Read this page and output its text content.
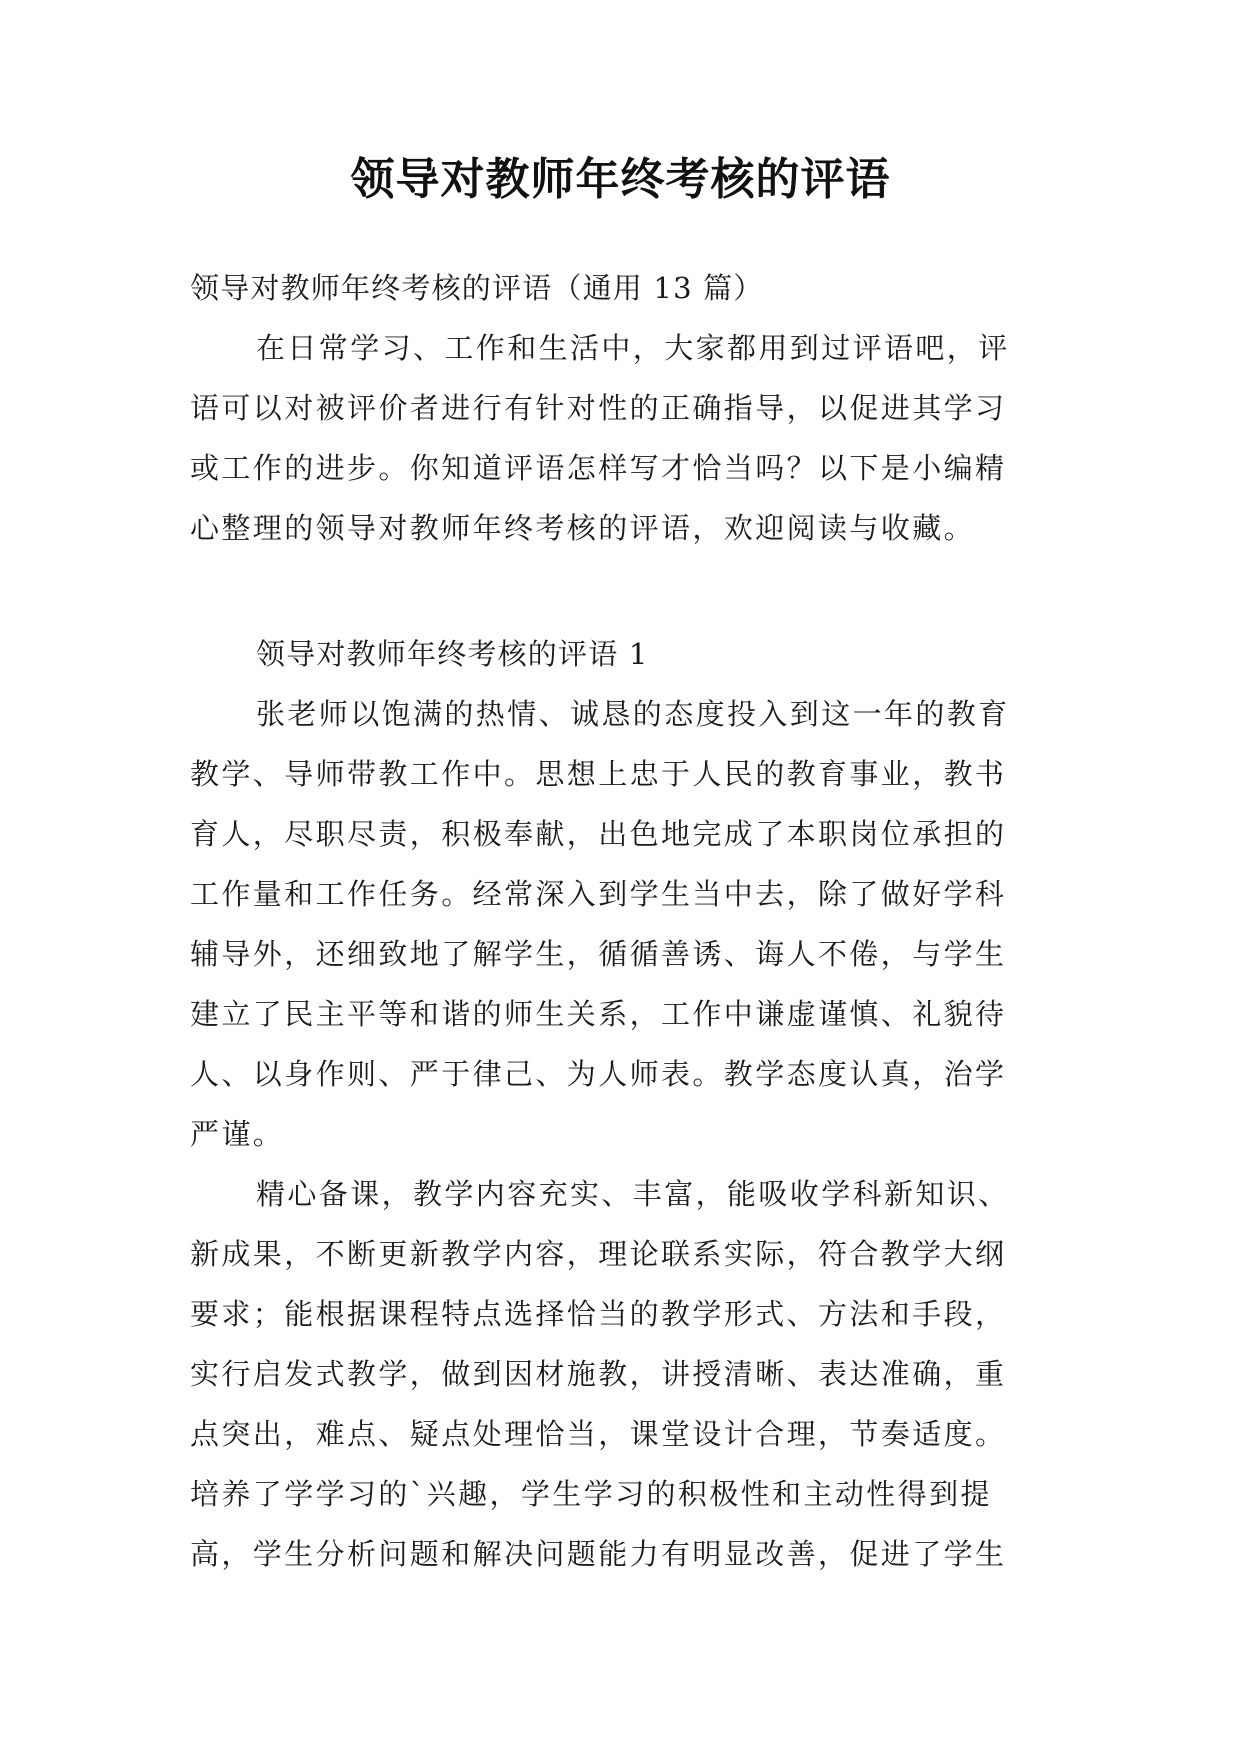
领导对教师年终考核的评语

领导对教师年终考核的评语（通用 13 篇）

在日常学习、工作和生活中，大家都用到过评语吧，评

语可以对被评价者进行有针对性的正确指导，以促进其学习

或工作的进步。你知道评语怎样写才恰当吗？以下是小编精

心整理的领导对教师年终考核的评语，欢迎阅读与收藏。

领导对教师年终考核的评语 1

张老师以饱满的热情、诚恳的态度投入到这一年的教育

教学、导师带教工作中。思想上忠于人民的教育事业，教书

育人，尽职尽责，积极奉献，出色地完成了本职岗位承担的

工作量和工作任务。经常深入到学生当中去，除了做好学科

辅导外，还细致地了解学生，循循善诱、诲人不倦，与学生

建立了民主平等和谐的师生关系，工作中谦虚谨慎、礼貌待

人、以身作则、严于律己、为人师表。教学态度认真，治学

严谨。

精心备课，教学内容充实、丰富，能吸收学科新知识、

新成果，不断更新教学内容，理论联系实际，符合教学大纲

要求；能根据课程特点选择恰当的教学形式、方法和手段，

实行启发式教学，做到因材施教，讲授清晰、表达准确，重

点突出，难点、疑点处理恰当，课堂设计合理，节奏适度。

培养了学学习的`兴趣，学生学习的积极性和主动性得到提

高，学生分析问题和解决问题能力有明显改善，促进了学生
